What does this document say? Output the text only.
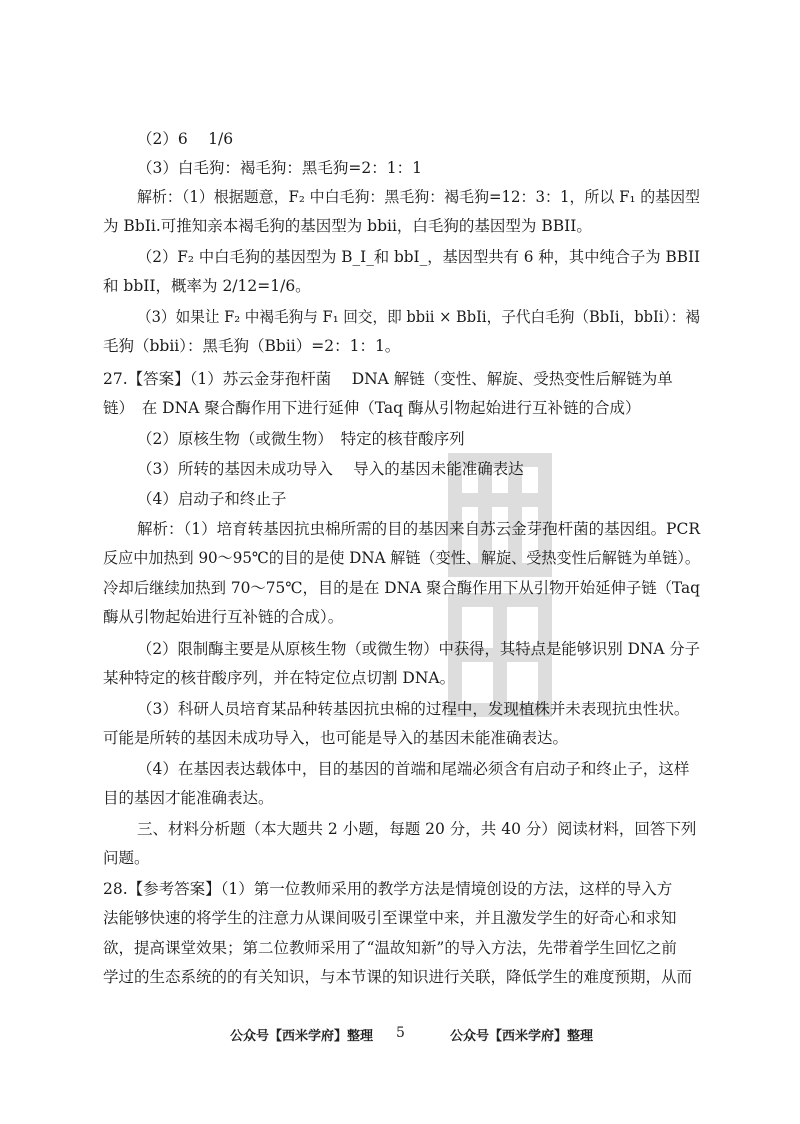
（2）6　 1/6
（3）白毛狗：褐毛狗：黑毛狗=2：1：1
解析：（1）根据题意，F₂ 中白毛狗：黑毛狗：褐毛狗=12：3：1，所以 F₁ 的基因型
为 BbIi.可推知亲本褐毛狗的基因型为 bbii，白毛狗的基因型为 BBII。
（2）F₂ 中白毛狗的基因型为 B_I_和 bbI_，基因型共有 6 种，其中纯合子为 BBII
和 bbII，概率为 2/12=1/6。
（3）如果让 F₂ 中褐毛狗与 F₁ 回交，即 bbii × BbIi，子代白毛狗（BbIi，bbIi）：褐
毛狗（bbii）：黑毛狗（Bbii）=2：1：1。
27.【答案】（1）苏云金芽孢杆菌　 DNA 解链（变性、解旋、受热变性后解链为单
链）　在 DNA 聚合酶作用下进行延伸（Taq 酶从引物起始进行互补链的合成）
（2）原核生物（或微生物）　特定的核苷酸序列
（3）所转的基因未成功导入　 导入的基因未能准确表达
（4）启动子和终止子
解析：（1）培育转基因抗虫棉所需的目的基因来自苏云金芽孢杆菌的基因组。PCR
反应中加热到 90～95℃的目的是使 DNA 解链（变性、解旋、受热变性后解链为单链）。
冷却后继续加热到 70～75℃，目的是在 DNA 聚合酶作用下从引物开始延伸子链（Taq
酶从引物起始进行互补链的合成）。
（2）限制酶主要是从原核生物（或微生物）中获得，其特点是能够识别 DNA 分子
某种特定的核苷酸序列，并在特定位点切割 DNA。
（3）科研人员培育某品种转基因抗虫棉的过程中，发现植株并未表现抗虫性状。
可能是所转的基因未成功导入，也可能是导入的基因未能准确表达。
（4）在基因表达载体中，目的基因的首端和尾端必须含有启动子和终止子，这样
目的基因才能准确表达。
三、材料分析题（本大题共 2 小题，每题 20 分，共 40 分）阅读材料，回答下列
问题。
28.【参考答案】（1）第一位教师采用的教学方法是情境创设的方法，这样的导入方
法能够快速的将学生的注意力从课间吸引至课堂中来，并且激发学生的好奇心和求知
欲，提高课堂效果；第二位教师采用了“温故知新”的导入方法，先带着学生回忆之前
学过的生态系统的的有关知识，与本节课的知识进行关联，降低学生的难度预期，从而
公众号【西米学府】整理 5	公众号【西米学府】整理
